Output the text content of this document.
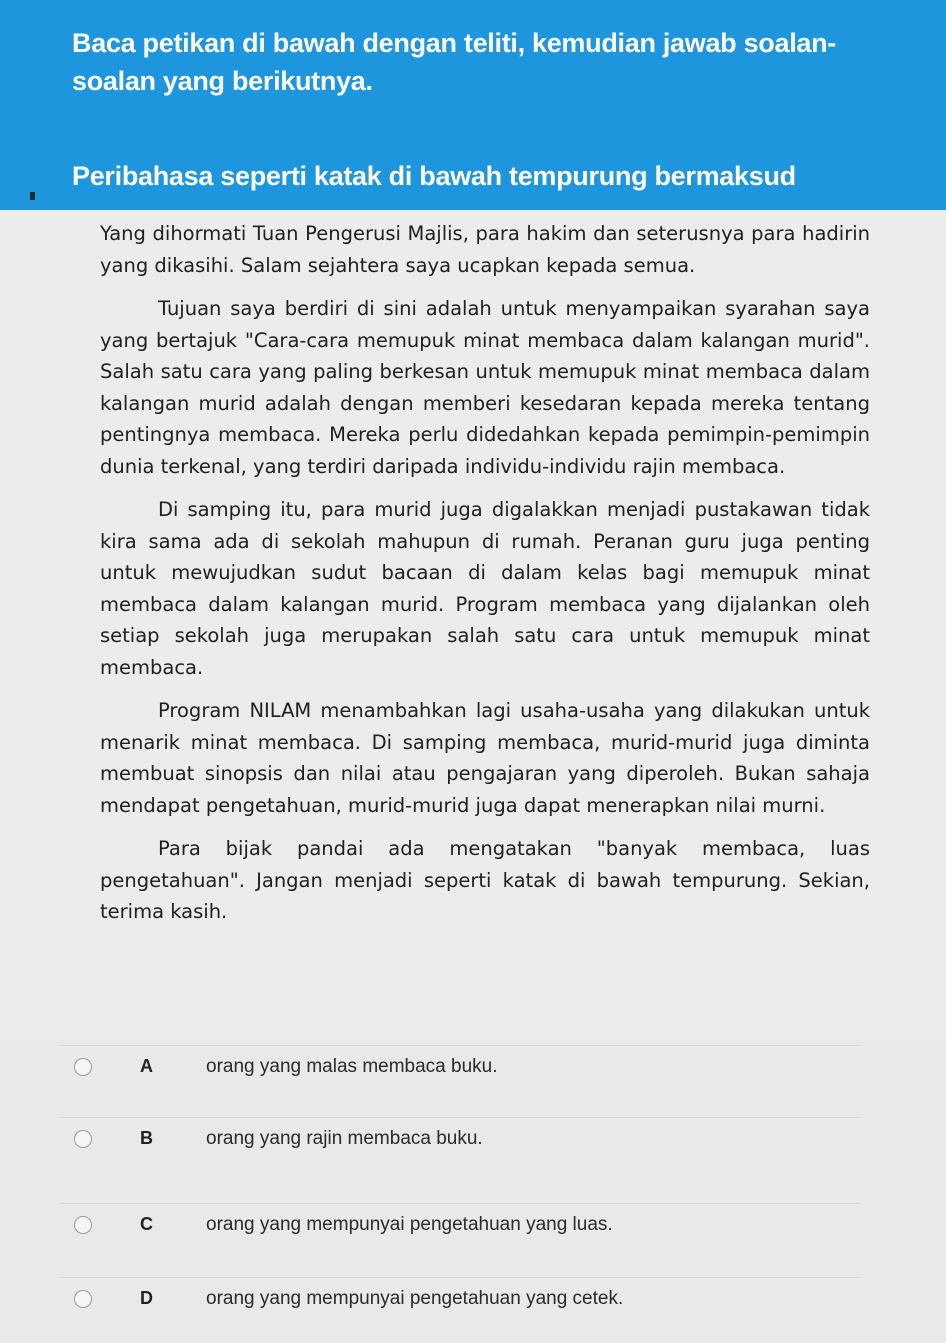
Baca petikan di bawah dengan teliti, kemudian jawab soalan-soalan yang berikutnya.
Peribahasa seperti katak di bawah tempurung bermaksud

Yang dihormati Tuan Pengerusi Majlis, para hakim dan seterusnya para hadirin yang dikasihi. Salam sejahtera saya ucapkan kepada semua.

Tujuan saya berdiri di sini adalah untuk menyampaikan syarahan saya yang bertajuk "Cara-cara memupuk minat membaca dalam kalangan murid". Salah satu cara yang paling berkesan untuk memupuk minat membaca dalam kalangan murid adalah dengan memberi kesedaran kepada mereka tentang pentingnya membaca. Mereka perlu didedahkan kepada pemimpin-pemimpin dunia terkenal, yang terdiri daripada individu-individu rajin membaca.

Di samping itu, para murid juga digalakkan menjadi pustakawan tidak kira sama ada di sekolah mahupun di rumah. Peranan guru juga penting untuk mewujudkan sudut bacaan di dalam kelas bagi memupuk minat membaca dalam kalangan murid. Program membaca yang dijalankan oleh setiap sekolah juga merupakan salah satu cara untuk memupuk minat membaca.

Program NILAM menambahkan lagi usaha-usaha yang dilakukan untuk menarik minat membaca. Di samping membaca, murid-murid juga diminta membuat sinopsis dan nilai atau pengajaran yang diperoleh. Bukan sahaja mendapat pengetahuan, murid-murid juga dapat menerapkan nilai murni.

Para bijak pandai ada mengatakan "banyak membaca, luas pengetahuan". Jangan menjadi seperti katak di bawah tempurung. Sekian, terima kasih.

A	orang yang malas membaca buku.
B	orang yang rajin membaca buku.
C	orang yang mempunyai pengetahuan yang luas.
D	orang yang mempunyai pengetahuan yang cetek.
